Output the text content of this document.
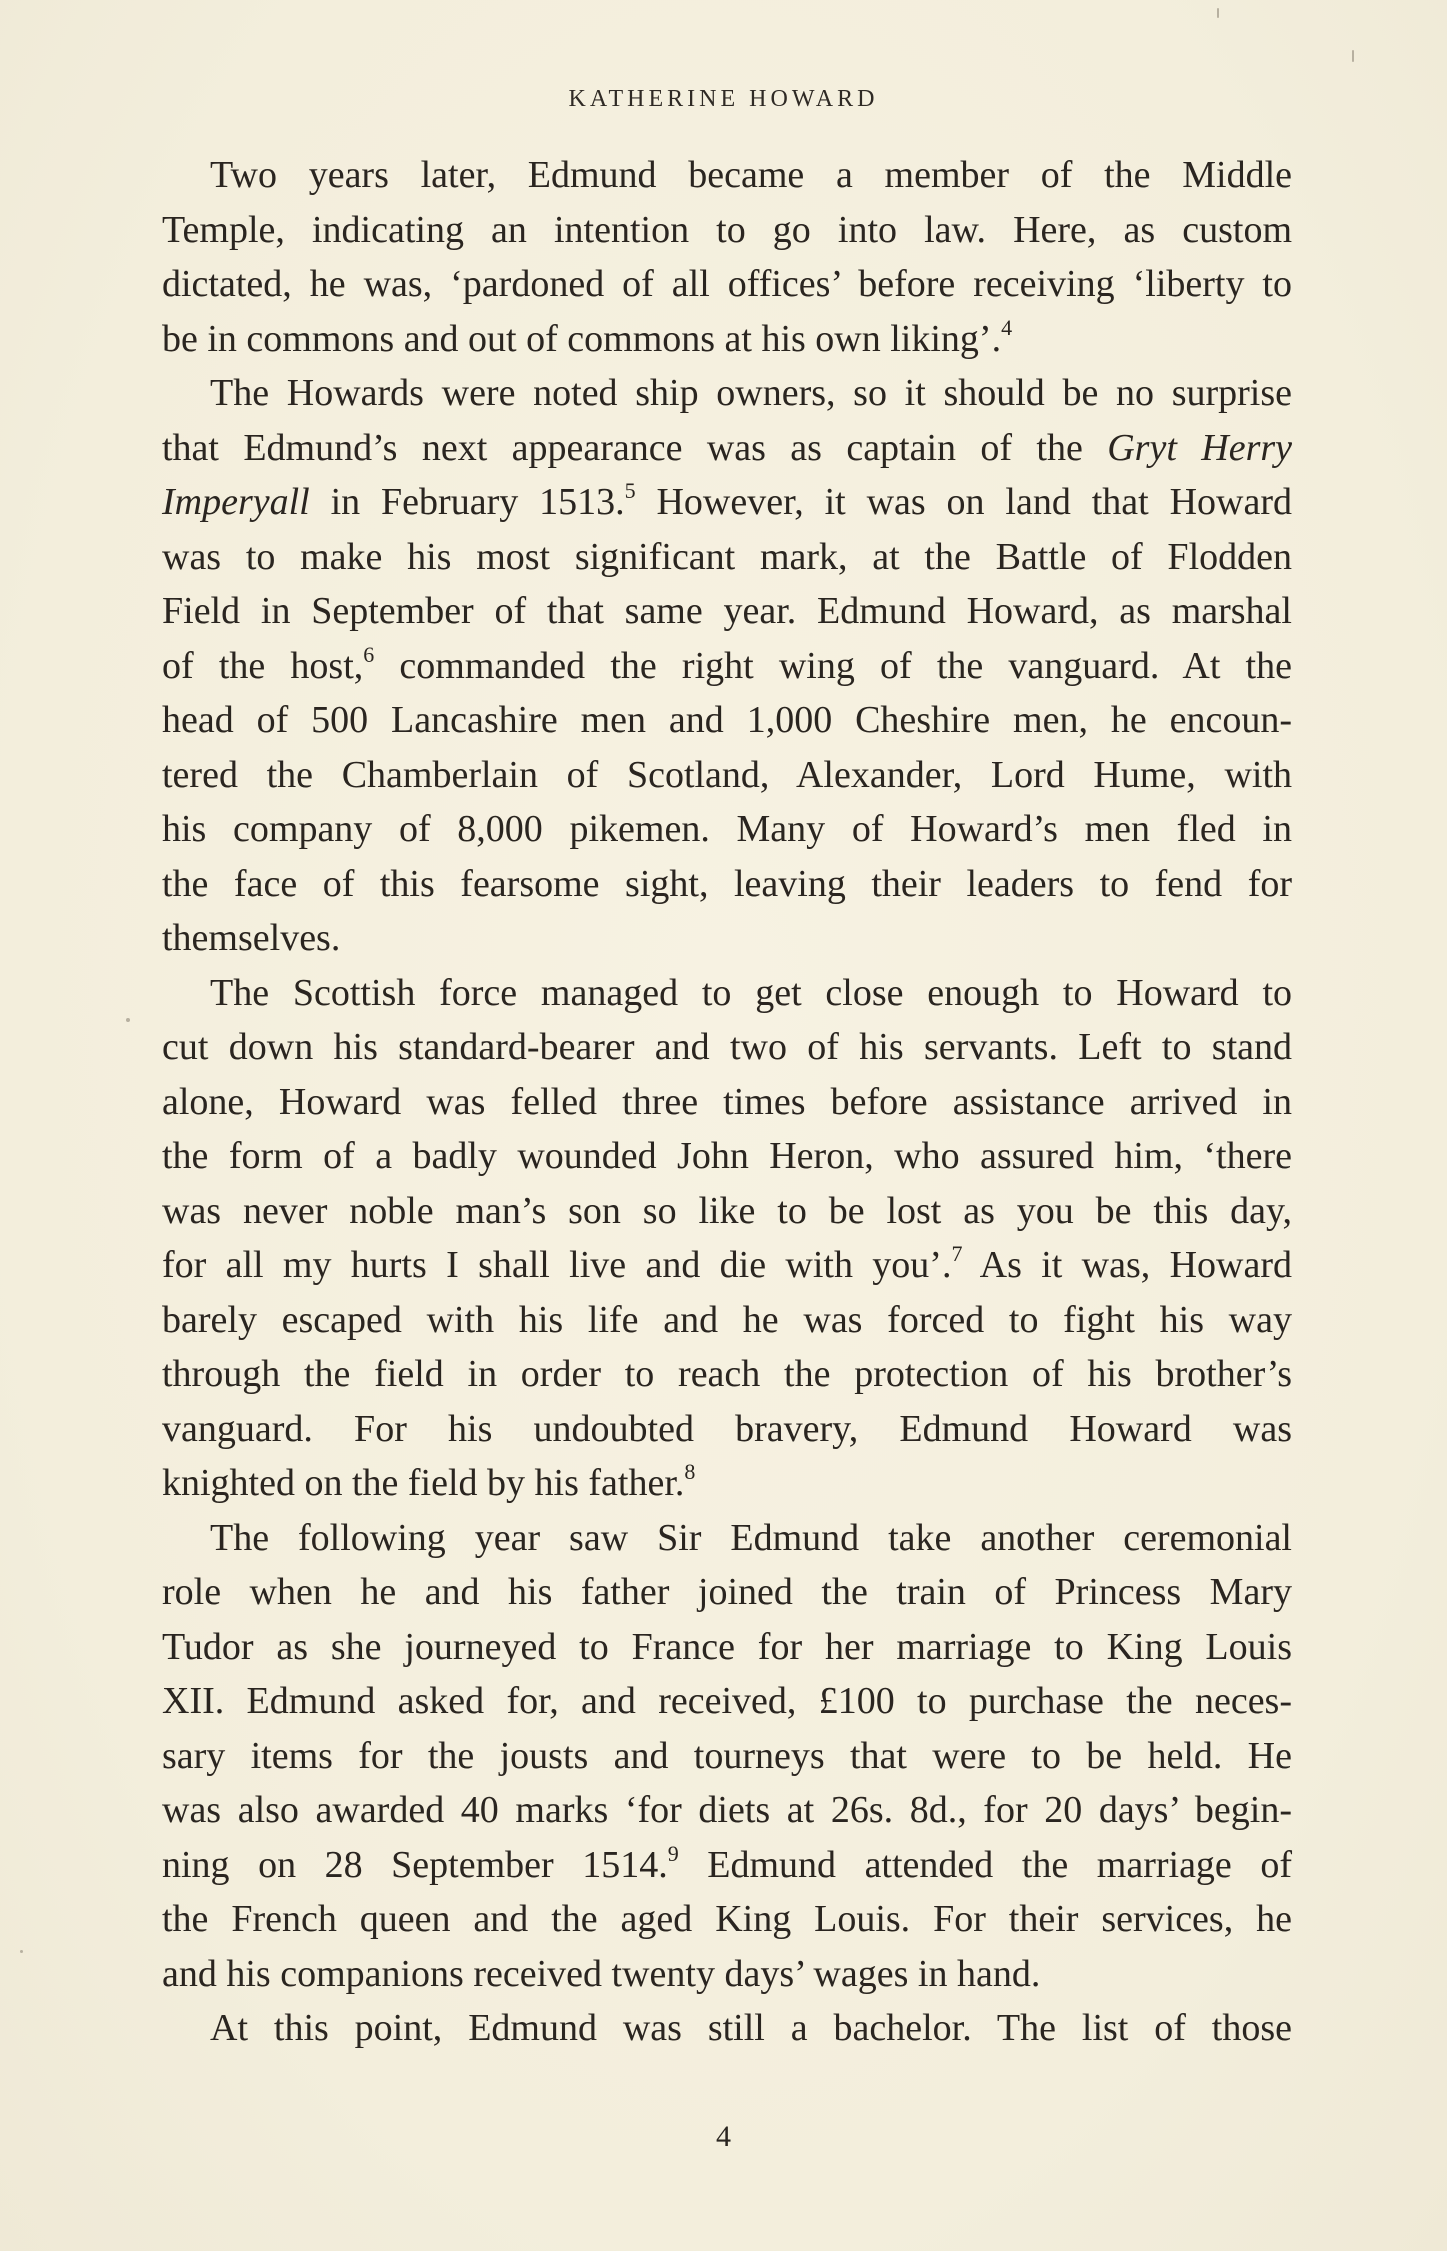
KATHERINE HOWARD
Two years later, Edmund became a member of the Middle
Temple, indicating an intention to go into law. Here, as custom
dictated, he was, ‘pardoned of all offices’ before receiving ‘liberty to
be in commons and out of commons at his own liking’.$^4$
The Howards were noted ship owners, so it should be no surprise
that Edmund’s next appearance was as captain of the Gryt Herry
Imperyall in February 1513.$^5$ However, it was on land that Howard
was to make his most significant mark, at the Battle of Flodden
Field in September of that same year. Edmund Howard, as marshal
of the host,$^6$ commanded the right wing of the vanguard. At the
head of 500 Lancashire men and 1,000 Cheshire men, he encoun-
tered the Chamberlain of Scotland, Alexander, Lord Hume, with
his company of 8,000 pikemen. Many of Howard’s men fled in
the face of this fearsome sight, leaving their leaders to fend for
themselves.
The Scottish force managed to get close enough to Howard to
cut down his standard-bearer and two of his servants. Left to stand
alone, Howard was felled three times before assistance arrived in
the form of a badly wounded John Heron, who assured him, ‘there
was never noble man’s son so like to be lost as you be this day,
for all my hurts I shall live and die with you’.$^7$ As it was, Howard
barely escaped with his life and he was forced to fight his way
through the field in order to reach the protection of his brother’s
vanguard. For his undoubted bravery, Edmund Howard was
knighted on the field by his father.$^8$
The following year saw Sir Edmund take another ceremonial
role when he and his father joined the train of Princess Mary
Tudor as she journeyed to France for her marriage to King Louis
XII. Edmund asked for, and received, £100 to purchase the neces-
sary items for the jousts and tourneys that were to be held. He
was also awarded 40 marks ‘for diets at 26s. 8d., for 20 days’ begin-
ning on 28 September 1514.$^9$ Edmund attended the marriage of
the French queen and the aged King Louis. For their services, he
and his companions received twenty days’ wages in hand.
At this point, Edmund was still a bachelor. The list of those
4
